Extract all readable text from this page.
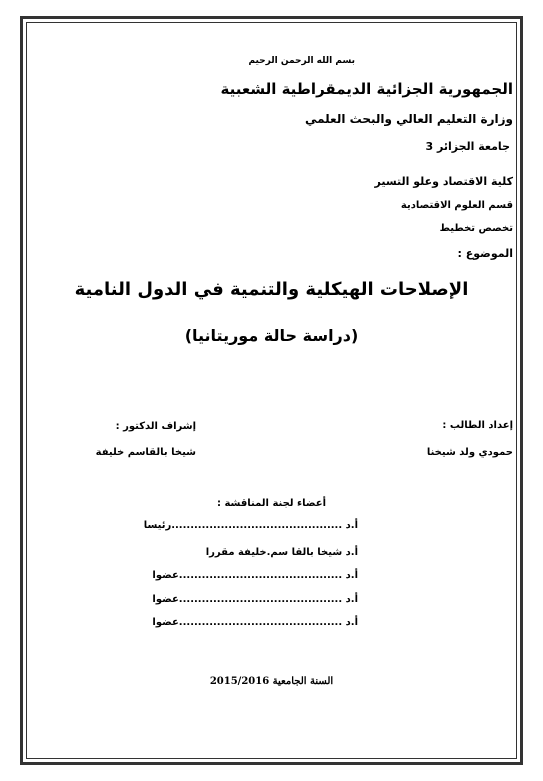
بسم الله الرحمن الرحيم
الجمهورية الجزائية الديمقراطية الشعبية
وزارة التعليم العالي والبحث العلمي
جامعة الجزائر 3
كلية الاقتصاد وعلو التسير
قسم العلوم الاقتصادية
تخصص تخطيط
الموضوع :
الإصلاحات الهيكلية والتنمية في الدول النامية
(دراسة حالة موريتانيا)
إعداد الطالب :
حمودي ولد شيخنا
إشراف الدكتور :
شيخا بالقاسم خليفة
أعضاء لجنة المناقشة :
أ.د .............................................رئيسا
أ.د شيخا بالقا سم.خليفة مقررا
أ.د ...........................................عضوا
أ.د ...........................................عضوا
أ.د ...........................................عضوا
السنة الجامعية 2015/2016
